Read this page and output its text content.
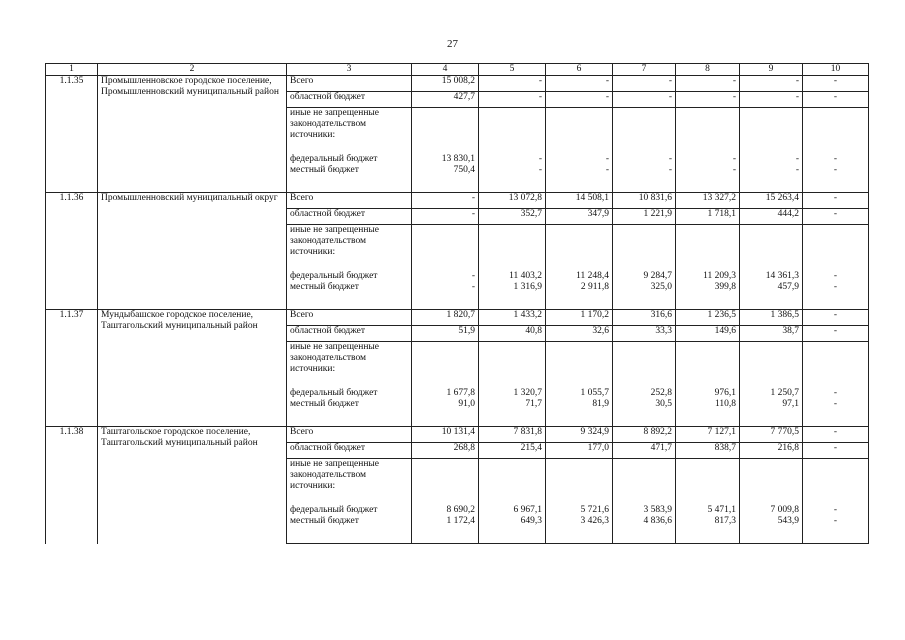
27
1	2	3	4	5	6	7	8	9	10
1.1.35	Промышленновское городское поселение, Промышленновский муниципальный район	Всего	15 008,2	-	-	-	-	-	-
		областной бюджет	427,7	-	-	-	-	-	-
		иные не запрещенные законодательством источники:							
		федеральный бюджет	13 830,1	-	-	-	-	-	-
		местный бюджет	750,4	-	-	-	-	-	-

1.1.36	Промышленновский муниципальный округ	Всего	-	13 072,8	14 508,1	10 831,6	13 327,2	15 263,4	-
		областной бюджет	-	352,7	347,9	1 221,9	1 718,1	444,2	-
		иные не запрещенные законодательством источники:							
		федеральный бюджет	-	11 403,2	11 248,4	9 284,7	11 209,3	14 361,3	-
		местный бюджет	-	1 316,9	2 911,8	325,0	399,8	457,9	-

1.1.37	Мундыбашское городское поселение, Таштагольский муниципальный район	Всего	1 820,7	1 433,2	1 170,2	316,6	1 236,5	1 386,5	-
		областной бюджет	51,9	40,8	32,6	33,3	149,6	38,7	-
		иные не запрещенные законодательством источники:							
		федеральный бюджет	1 677,8	1 320,7	1 055,7	252,8	976,1	1 250,7	-
		местный бюджет	91,0	71,7	81,9	30,5	110,8	97,1	-

1.1.38	Таштагольское городское поселение, Таштагольский муниципальный район	Всего	10 131,4	7 831,8	9 324,9	8 892,2	7 127,1	7 770,5	-
		областной бюджет	268,8	215,4	177,0	471,7	838,7	216,8	-
		иные не запрещенные законодательством источники:							
		федеральный бюджет	8 690,2	6 967,1	5 721,6	3 583,9	5 471,1	7 009,8	-
		местный бюджет	1 172,4	649,3	3 426,3	4 836,6	817,3	543,9	-
